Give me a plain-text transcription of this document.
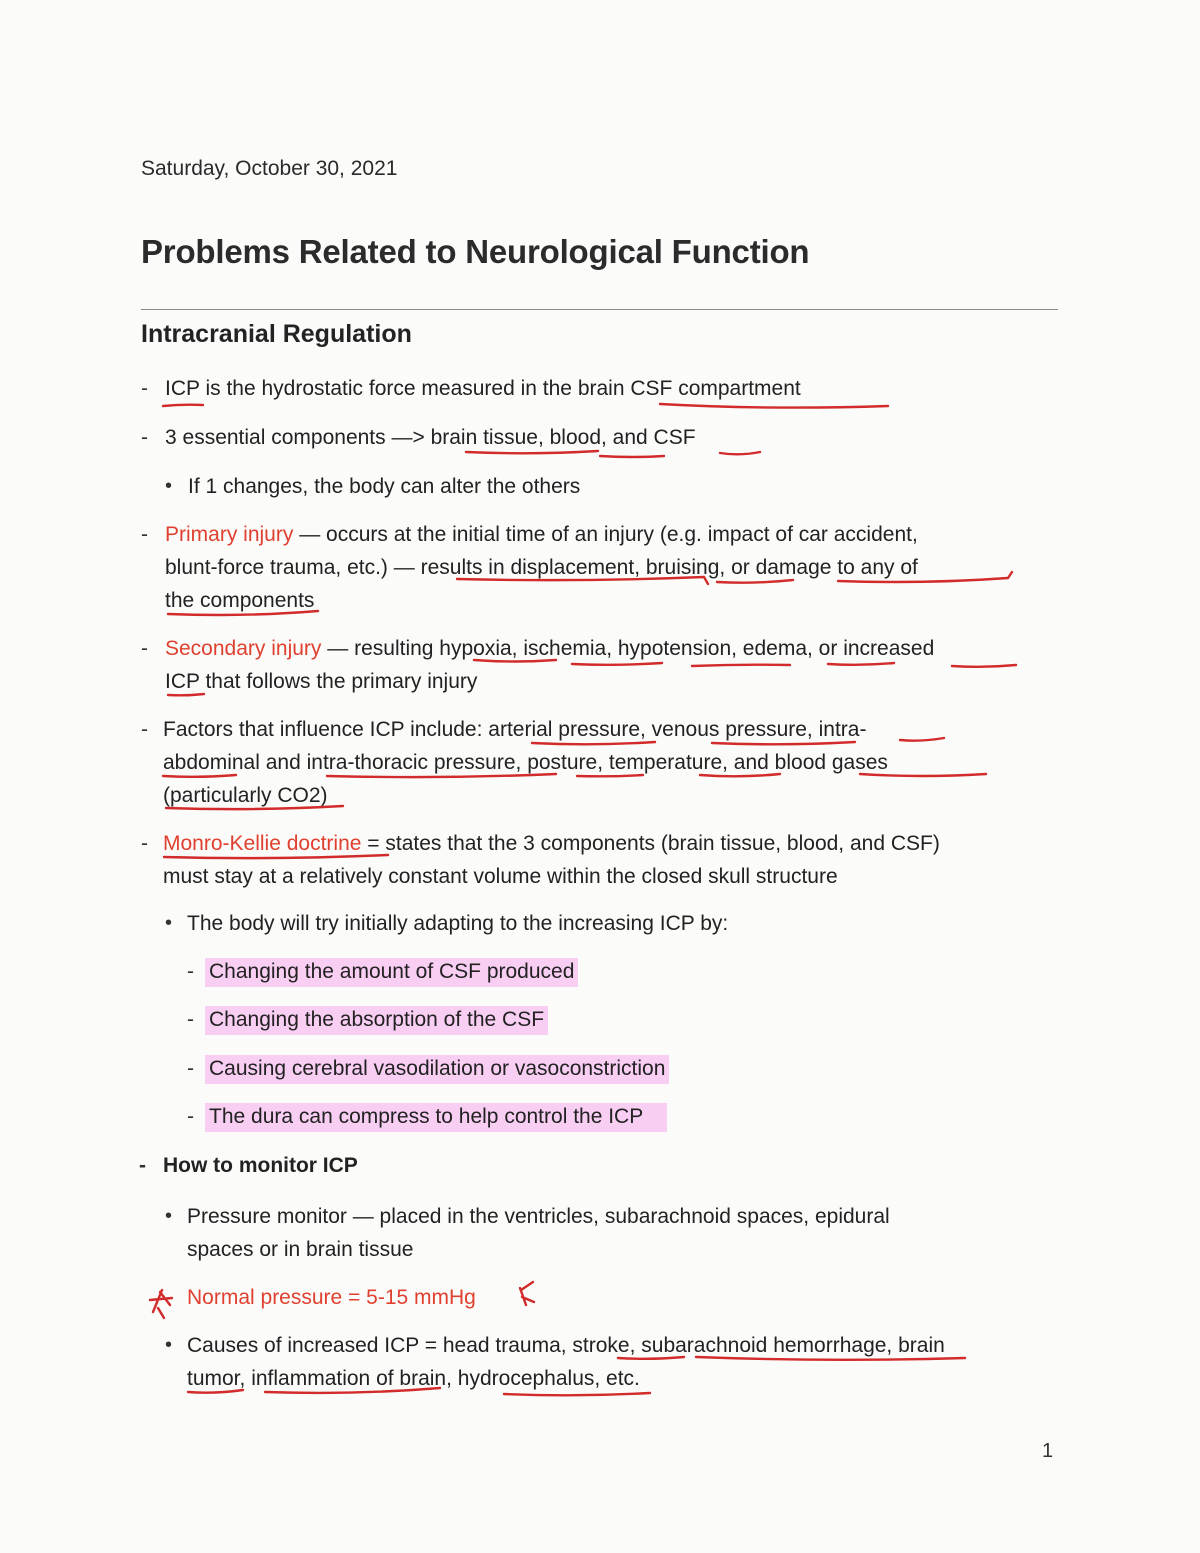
Saturday, October 30, 2021
Problems Related to Neurological Function
Intracranial Regulation
- ICP is the hydrostatic force measured in the brain CSF compartment
- 3 essential components —> brain tissue, blood, and CSF
• If 1 changes, the body can alter the others
- Primary injury — occurs at the initial time of an injury (e.g. impact of car accident,
blunt-force trauma, etc.) — results in displacement, bruising, or damage to any of
the components
- Secondary injury — resulting hypoxia, ischemia, hypotension, edema, or increased
ICP that follows the primary injury
- Factors that influence ICP include: arterial pressure, venous pressure, intra-
abdominal and intra-thoracic pressure, posture, temperature, and blood gases
(particularly CO2)
- Monro-Kellie doctrine = states that the 3 components (brain tissue, blood, and CSF)
must stay at a relatively constant volume within the closed skull structure
• The body will try initially adapting to the increasing ICP by:
- Changing the amount of CSF produced
- Changing the absorption of the CSF
- Causing cerebral vasodilation or vasoconstriction
- The dura can compress to help control the ICP
- How to monitor ICP
• Pressure monitor — placed in the ventricles, subarachnoid spaces, epidural
spaces or in brain tissue
Normal pressure = 5-15 mmHg
• Causes of increased ICP = head trauma, stroke, subarachnoid hemorrhage, brain
tumor, inflammation of brain, hydrocephalus, etc.
1
